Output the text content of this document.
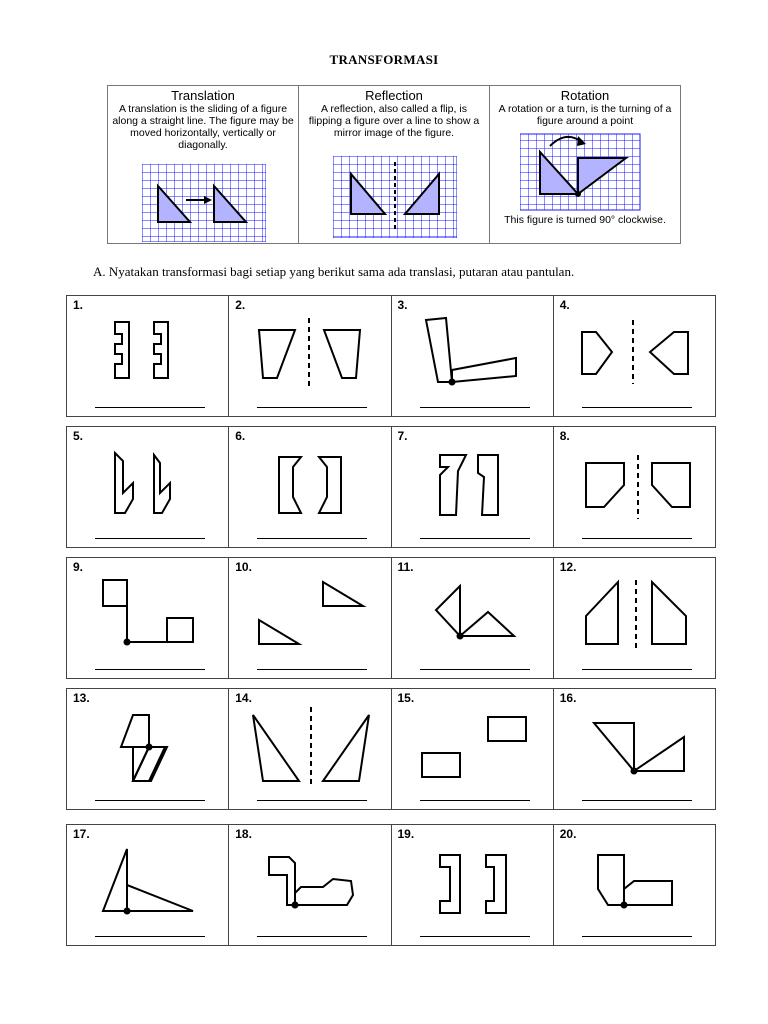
TRANSFORMASI
Translation
A translation is the sliding of a figure along a straight line. The figure may be moved horizontally, vertically or diagonally.
Reflection
A reflection, also called a flip, is flipping a figure over a line to show a mirror image of the figure.
Rotation
A rotation or a turn, is the turning of a figure around a point
This figure is turned 90° clockwise.
A. Nyatakan transformasi bagi setiap yang berikut sama ada translasi, putaran atau pantulan.
1.	2.	3.	4.
5.	6.	7.	8.
9.	10.	11.	12.
13.	14.	15.	16.
17.	18.	19.	20.
